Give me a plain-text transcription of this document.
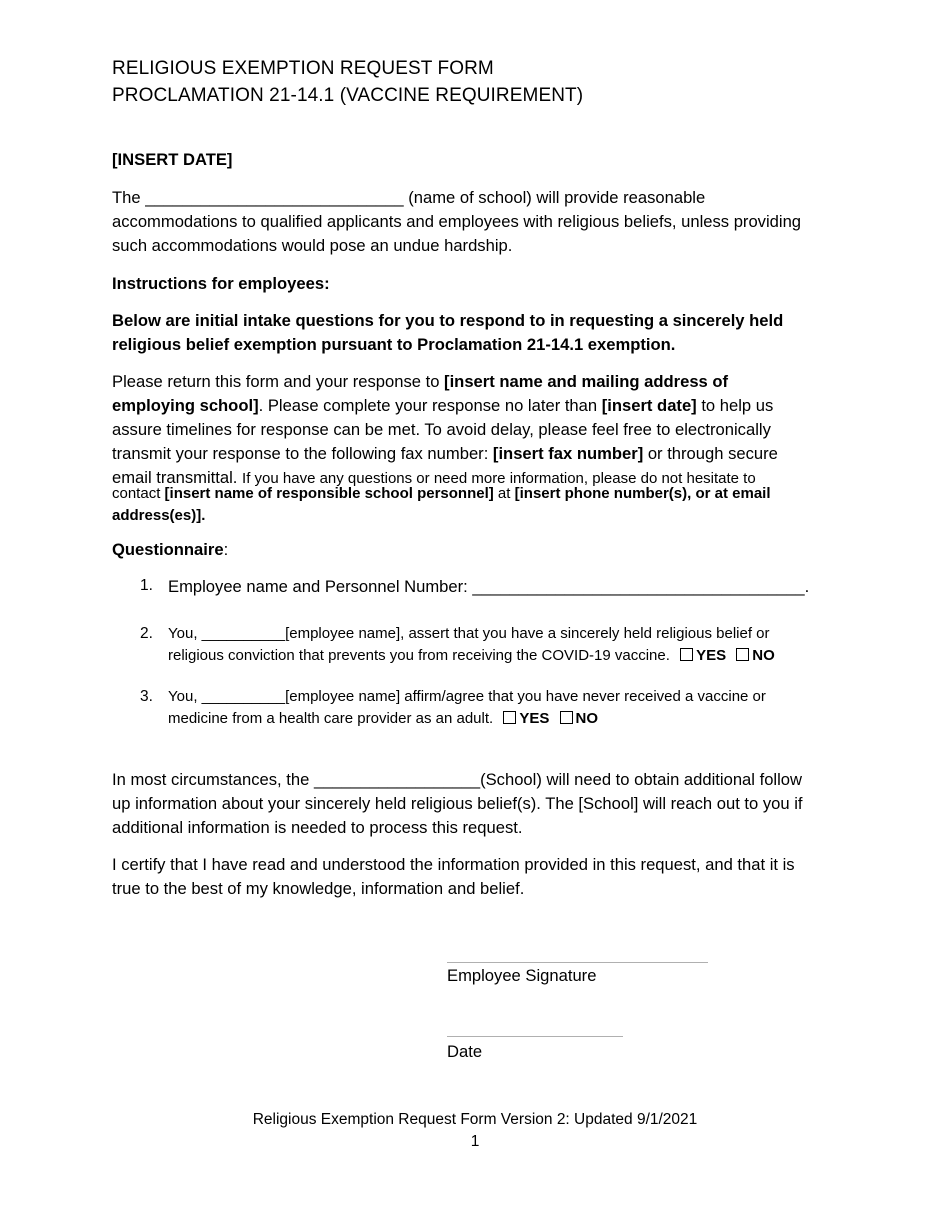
RELIGIOUS EXEMPTION REQUEST FORM
PROCLAMATION 21-14.1 (VACCINE REQUIREMENT)
[INSERT DATE]
The ____________________________ (name of school) will provide reasonable
accommodations to qualified applicants and employees with religious beliefs, unless providing
such accommodations would pose an undue hardship.
Instructions for employees:
Below are initial intake questions for you to respond to in requesting a sincerely held
religious belief exemption pursuant to Proclamation 21-14.1 exemption.
Please return this form and your response to [insert name and mailing address of
employing school]. Please complete your response no later than [insert date] to help us
assure timelines for response can be met. To avoid delay, please feel free to electronically
transmit your response to the following fax number: [insert fax number] or through secure
email transmittal. If you have any questions or need more information, please do not hesitate to
contact [insert name of responsible school personnel] at [insert phone number(s), or at email
address(es)].
Questionnaire:
1. Employee name and Personnel Number: ____________________________________.
2. You, __________[employee name], assert that you have a sincerely held religious belief or
religious conviction that prevents you from receiving the COVID-19 vaccine. YES NO
3. You, __________[employee name] affirm/agree that you have never received a vaccine or
medicine from a health care provider as an adult. YES NO
In most circumstances, the __________________(School) will need to obtain additional follow
up information about your sincerely held religious belief(s). The [School] will reach out to you if
additional information is needed to process this request.
I certify that I have read and understood the information provided in this request, and that it is
true to the best of my knowledge, information and belief.
Employee Signature
Date
Religious Exemption Request Form Version 2: Updated 9/1/2021
1
